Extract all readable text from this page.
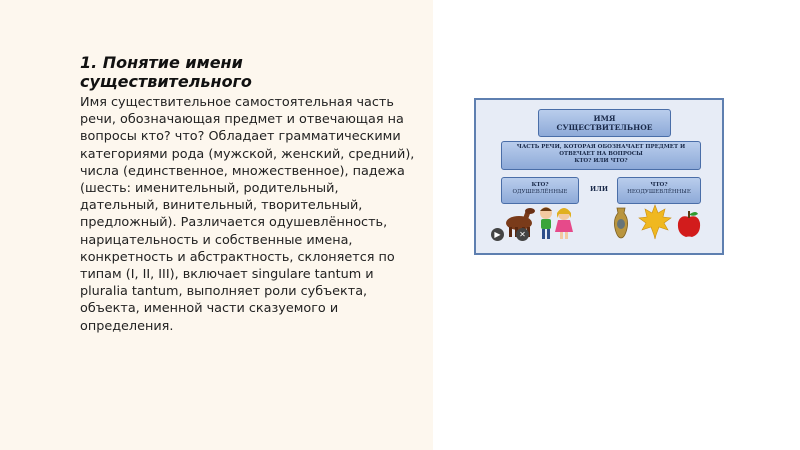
1. Понятие имени существительного

Имя существительное самостоятельная часть речи, обозначающая предмет и отвечающая на вопросы кто? что? Обладает грамматическими категориями рода (мужской, женский, средний), числа (единственное, множественное), падежа (шесть: именительный, родительный, дательный, винительный, творительный, предложный). Различается одушевлённость, нарицательность и собственные имена, конкретность и абстрактность, склоняется по типам (I, II, III), включает singulare tantum и pluralia tantum, выполняет роли субъекта, объекта, именной части сказуемого и определения.

ИМЯ
СУЩЕСТВИТЕЛЬНОЕ
ЧАСТЬ РЕЧИ, КОТОРАЯ ОБОЗНАЧАЕТ ПРЕДМЕТ И
ОТВЕЧАЕТ НА ВОПРОСЫ
КТО? ИЛИ ЧТО?
КТО?
ОДУШЕВЛЁННЫЕ	ИЛИ	ЧТО?
НЕОДУШЕВЛЁННЫЕ
▶	✕
